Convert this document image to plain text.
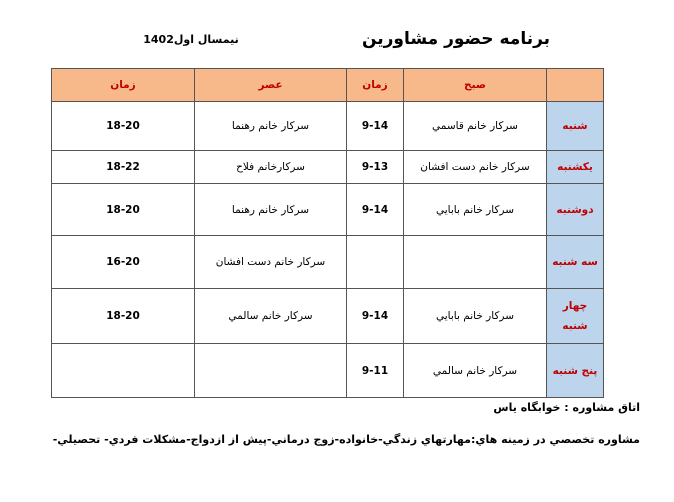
برنامه حضور مشاورين
نيمسال اول1402
	صبح	زمان	عصر	زمان
شنبه	سركار خانم قاسمي	9-14	سركار خانم رهنما	18-20
يكشنبه	سركار خانم دست افشان	9-13	سركارخانم فلاح	18-22
دوشنبه	سركار خانم بابايي	9-14	سركار خانم رهنما	18-20
سه شنبه			سركار خانم دست افشان	16-20
چهار شنبه	سركار خانم بابايي	9-14	سركار خانم سالمي	18-20
پنج شنبه	سركار خانم سالمي	9-11		
اتاق مشاوره : خوابگاه ياس
مشاوره تخصصي در زمينه هاي:مهارتهاي زندگي-خانواده-زوج درماني-پيش از ازدواج-مشكلات فردي- تحصيلي-
